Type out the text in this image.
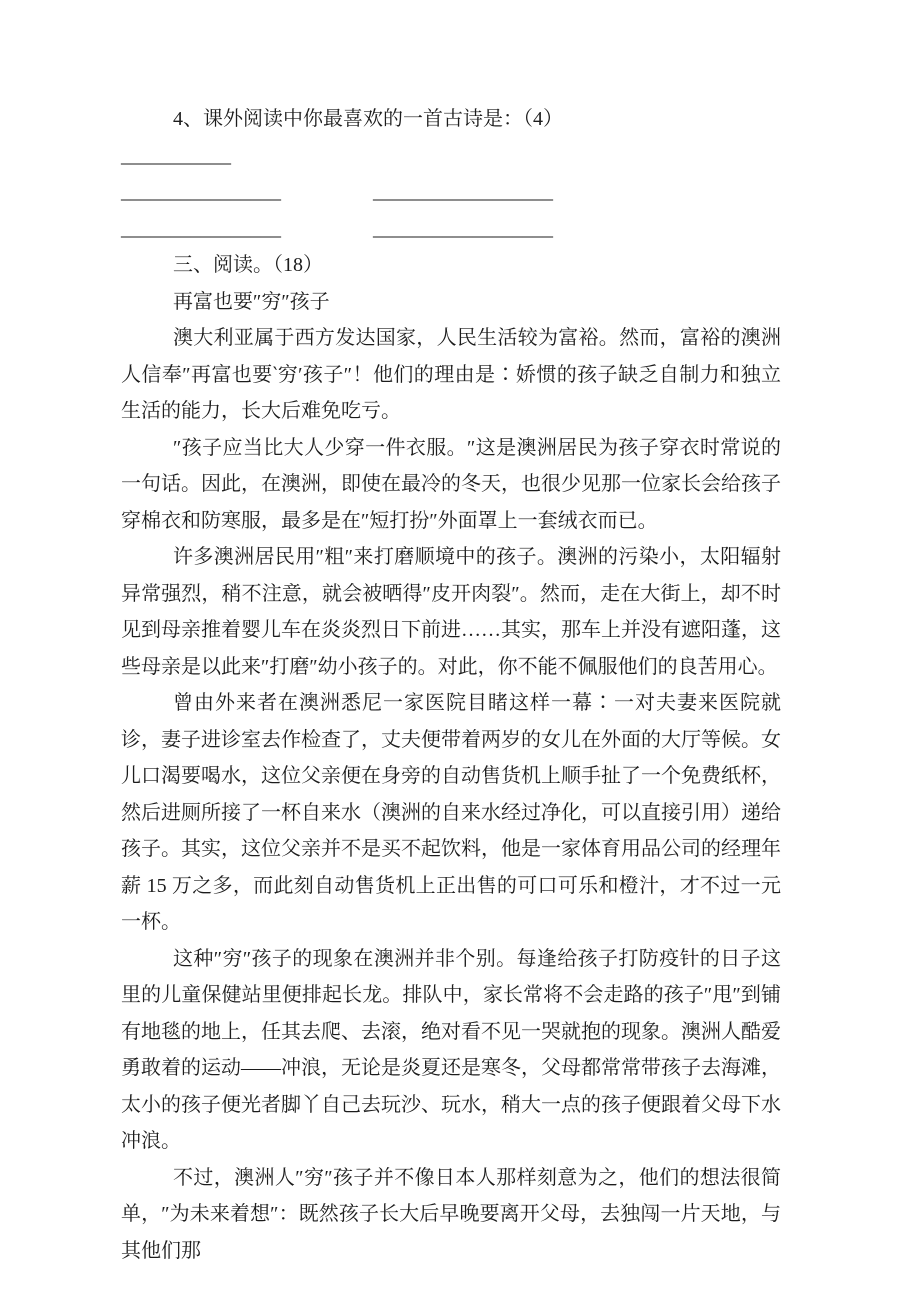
4、课外阅读中你最喜欢的一首古诗是：（4）

___________

________________	__________________

________________	__________________

三、阅读。（18）

再富也要″穷″孩子

澳大利亚属于西方发达国家，人民生活较为富裕。然而，富裕的澳洲人信奉″再富也要‵穷′孩子″！他们的理由是∶娇惯的孩子缺乏自制力和独立生活的能力，长大后难免吃亏。

″孩子应当比大人少穿一件衣服。″这是澳洲居民为孩子穿衣时常说的一句话。因此，在澳洲，即使在最冷的冬天，也很少见那一位家长会给孩子穿棉衣和防寒服，最多是在″短打扮″外面罩上一套绒衣而已。

许多澳洲居民用″粗″来打磨顺境中的孩子。澳洲的污染小，太阳辐射异常强烈，稍不注意，就会被晒得″皮开肉裂″。然而，走在大街上，却不时见到母亲推着婴儿车在炎炎烈日下前进……其实，那车上并没有遮阳蓬，这些母亲是以此来″打磨″幼小孩子的。对此，你不能不佩服他们的良苦用心。

曾由外来者在澳洲悉尼一家医院目睹这样一幕∶一对夫妻来医院就诊，妻子进诊室去作检查了，丈夫便带着两岁的女儿在外面的大厅等候。女儿口渴要喝水，这位父亲便在身旁的自动售货机上顺手扯了一个免费纸杯，然后进厕所接了一杯自来水（澳洲的自来水经过净化，可以直接引用）递给孩子。其实，这位父亲并不是买不起饮料，他是一家体育用品公司的经理年薪 15 万之多，而此刻自动售货机上正出售的可口可乐和橙汁，才不过一元一杯。

这种″穷″孩子的现象在澳洲并非个别。每逢给孩子打防疫针的日子这里的儿童保健站里便排起长龙。排队中，家长常将不会走路的孩子″甩″到铺有地毯的地上，任其去爬、去滚，绝对看不见一哭就抱的现象。澳洲人酷爱勇敢着的运动——冲浪，无论是炎夏还是寒冬，父母都常常带孩子去海滩，太小的孩子便光者脚丫自己去玩沙、玩水，稍大一点的孩子便跟着父母下水冲浪。

不过，澳洲人″穷″孩子并不像日本人那样刻意为之，他们的想法很简单，″为未来着想″：既然孩子长大后早晚要离开父母，去独闯一片天地，与其他们那
